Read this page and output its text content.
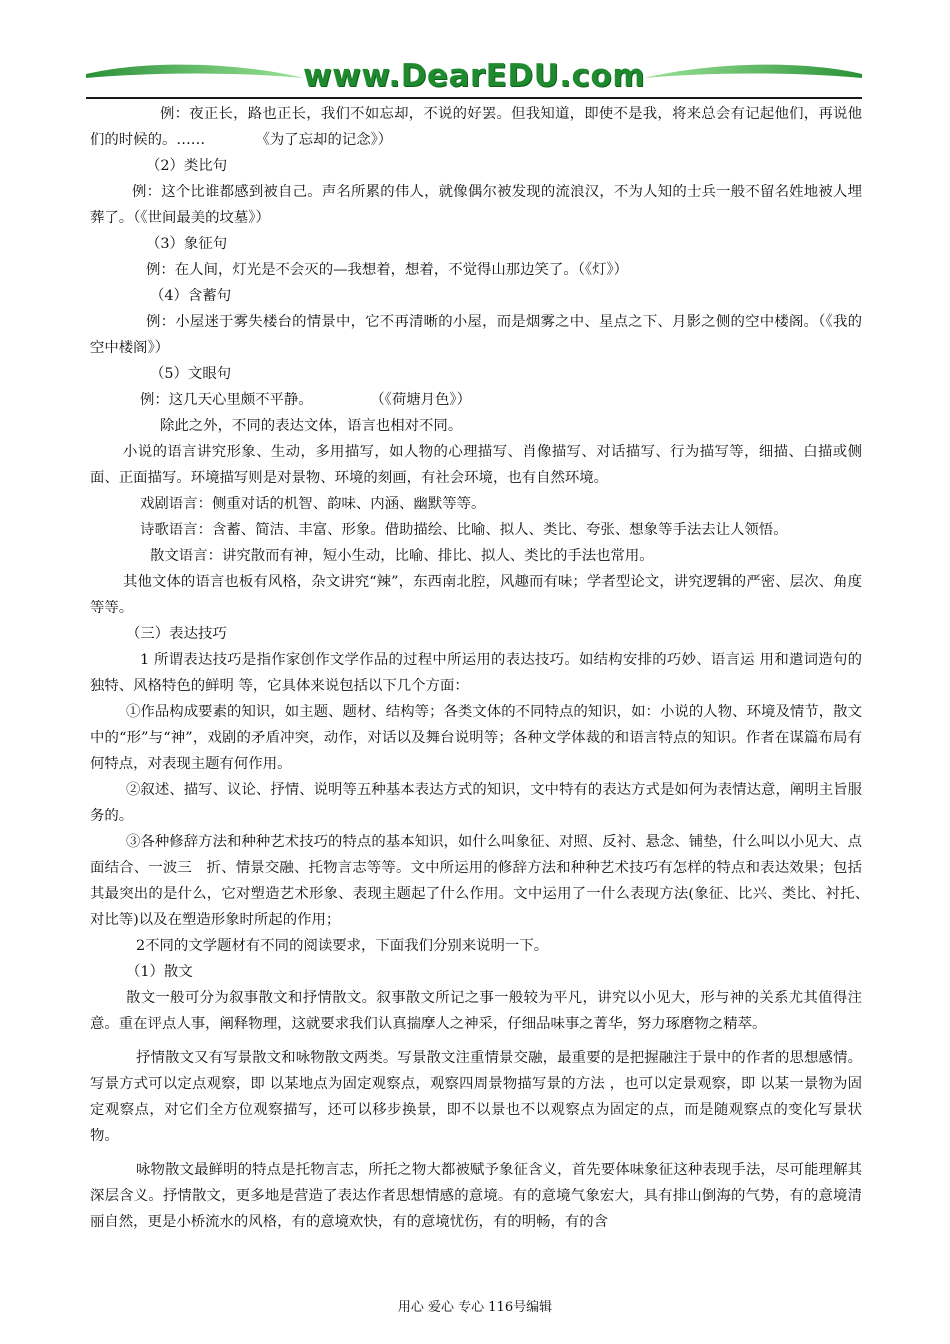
www.DearEDU.com

例：夜正长，路也正长，我们不如忘却，不说的好罢。但我知道，即使不是我，将来总会有记起他们，再说他们的时候的。……　　　　《为了忘却的记念》）

（2）类比句

例：这个比谁都感到被自己。声名所累的伟人，就像偶尔被发现的流浪汉，不为人知的士兵一般不留名姓地被人埋葬了。（《世间最美的坟墓》）

（3）象征句

例：在人间，灯光是不会灭的—我想着，想着，不觉得山那边笑了。（《灯》）

（4）含蓄句

例：小屋迷于雾失楼台的情景中，它不再清晰的小屋，而是烟雾之中、星点之下、月影之侧的空中楼阁。（《我的空中楼阁》）

（5）文眼句

例：这几天心里颇不平静。　　　　　（《荷塘月色》）

除此之外，不同的表达文体，语言也相对不同。

小说的语言讲究形象、生动，多用描写，如人物的心理描写、肖像描写、对话描写、行为描写等，细描、白描或侧面、正面描写。环境描写则是对景物、环境的刻画，有社会环境，也有自然环境。

戏剧语言：侧重对话的机智、韵味、内涵、幽默等等。

诗歌语言：含蓄、简洁、丰富、形象。借助描绘、比喻、拟人、类比、夸张、想象等手法去让人领悟。

散文语言：讲究散而有神，短小生动，比喻、排比、拟人、类比的手法也常用。

其他文体的语言也板有风格，杂文讲究“辣”，东西南北腔，风趣而有味；学者型论文，讲究逻辑的严密、层次、角度等等。

（三）表达技巧

1 所谓表达技巧是指作家创作文学作品的过程中所运用的表达技巧。如结构安排的巧妙、语言运 用和遣词造句的独特、风格特色的鲜明 等，它具体来说包括以下几个方面：

①作品构成要素的知识，如主题、题材、结构等；各类文体的不同特点的知识，如：小说的人物、环境及情节，散文中的“形”与“神”，戏剧的矛盾冲突，动作，对话以及舞台说明等；各种文学体裁的和语言特点的知识。作者在谋篇布局有何特点，对表现主题有何作用。

②叙述、描写、议论、抒情、说明等五种基本表达方式的知识，文中特有的表达方式是如何为表情达意，阐明主旨服务的。

③各种修辞方法和种种艺术技巧的特点的基本知识，如什么叫象征、对照、反衬、悬念、铺垫，什么叫以小见大、点面结合、一波三　折、情景交融、托物言志等等。文中所运用的修辞方法和种种艺术技巧有怎样的特点和表达效果；包括其最突出的是什么，它对塑造艺术形象、表现主题起了什么作用。文中运用了一什么表现方法(象征、比兴、类比、衬托、　对比等)以及在塑造形象时所起的作用；

2不同的文学题材有不同的阅读要求，下面我们分别来说明一下。

（1）散文

散文一般可分为叙事散文和抒情散文。叙事散文所记之事一般较为平凡，讲究以小见大，形与神的关系尤其值得注意。重在评点人事，阐释物理，这就要求我们认真揣摩人之神采，仔细品味事之菁华，努力琢磨物之精萃。

抒情散文又有写景散文和咏物散文两类。写景散文注重情景交融，最重要的是把握融注于景中的作者的思想感情。写景方式可以定点观察，即 以某地点为固定观察点，观察四周景物描写景的方法 ，也可以定景观察，即 以某一景物为固定观察点，对它们全方位观察描写，还可以移步换景，即不以景也不以观察点为固定的点，而是随观察点的变化写景状物。

咏物散文最鲜明的特点是托物言志，所托之物大都被赋予象征含义，首先要体味象征这种表现手法，尽可能理解其深层含义。抒情散文，更多地是营造了表达作者思想情感的意境。有的意境气象宏大，具有排山倒海的气势，有的意境清丽自然，更是小桥流水的风格，有的意境欢快，有的意境忧伤，有的明畅，有的含

用心 爱心 专心 116号编辑
